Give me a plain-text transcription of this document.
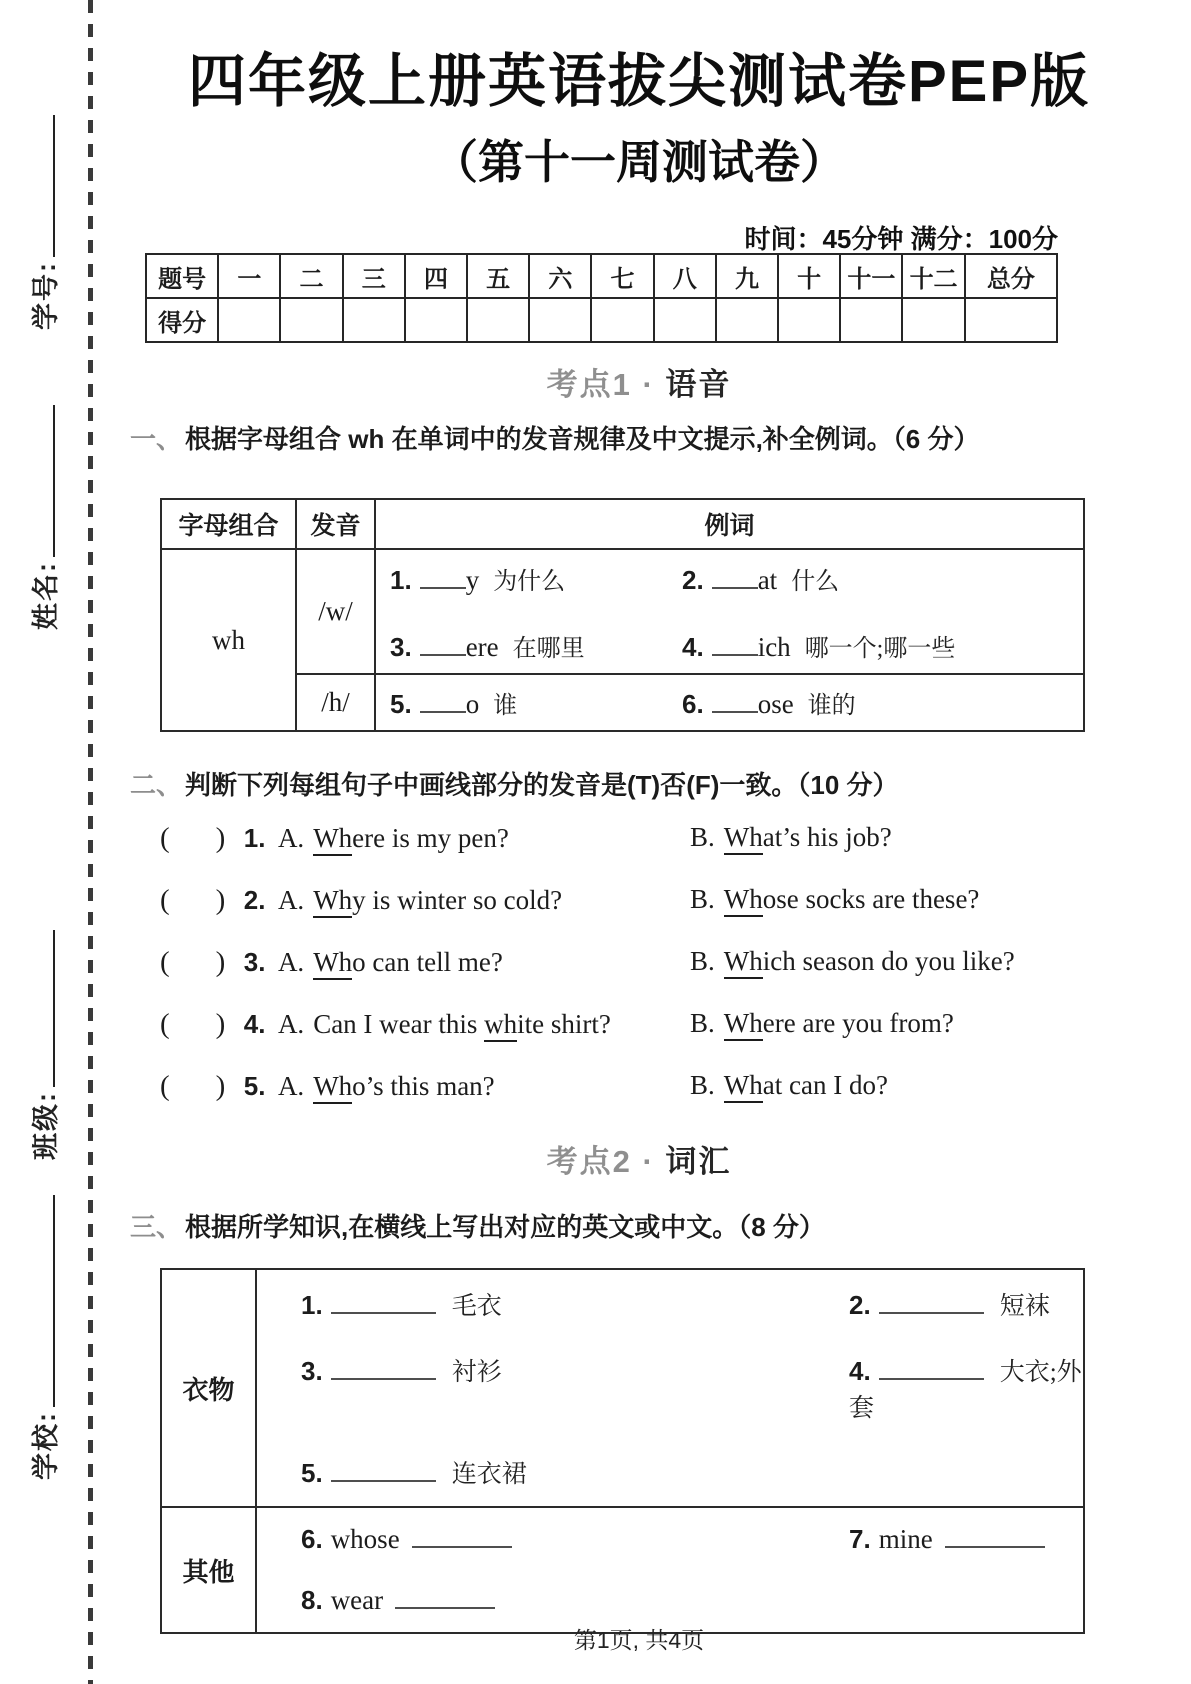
学号:
姓名:
班级:
学校:
四年级上册英语拔尖测试卷PEP版
（第十一周测试卷）
时间：45分钟 满分：100分
题号	一	二	三	四	五	六	七	八	九	十	十一	十二	总分
得分													
考点1 · 语音
一、 根据字母组合 wh 在单词中的发音规律及中文提示,补全例词。（6 分）
字母组合	发音	例词
wh	/w/	1. y 为什么 2. at 什么
3. ere 在哪里 4. ich 哪一个;哪一些

	/h/	5. o 谁 6. ose 谁的
二、 判断下列每组句子中画线部分的发音是(T)否(F)一致。（10 分）
( ) 1. A. Where is my pen?	B. What’s his job?
( ) 2. A. Why is winter so cold?	B. Whose socks are these?
( ) 3. A. Who can tell me?	B. Which season do you like?
( ) 4. A. Can I wear this white shirt?	B. Where are you from?
( ) 5. A. Who’s this man?	B. What can I do?
考点2 · 词汇
三、 根据所学知识,在横线上写出对应的英文或中文。（8 分）
衣物	1. 毛衣 2. 短袜
3. 衬衫 4. 大衣;外套
5. 连衣裙

其他	6. whose 7. mine
8. wear
第1页, 共4页
